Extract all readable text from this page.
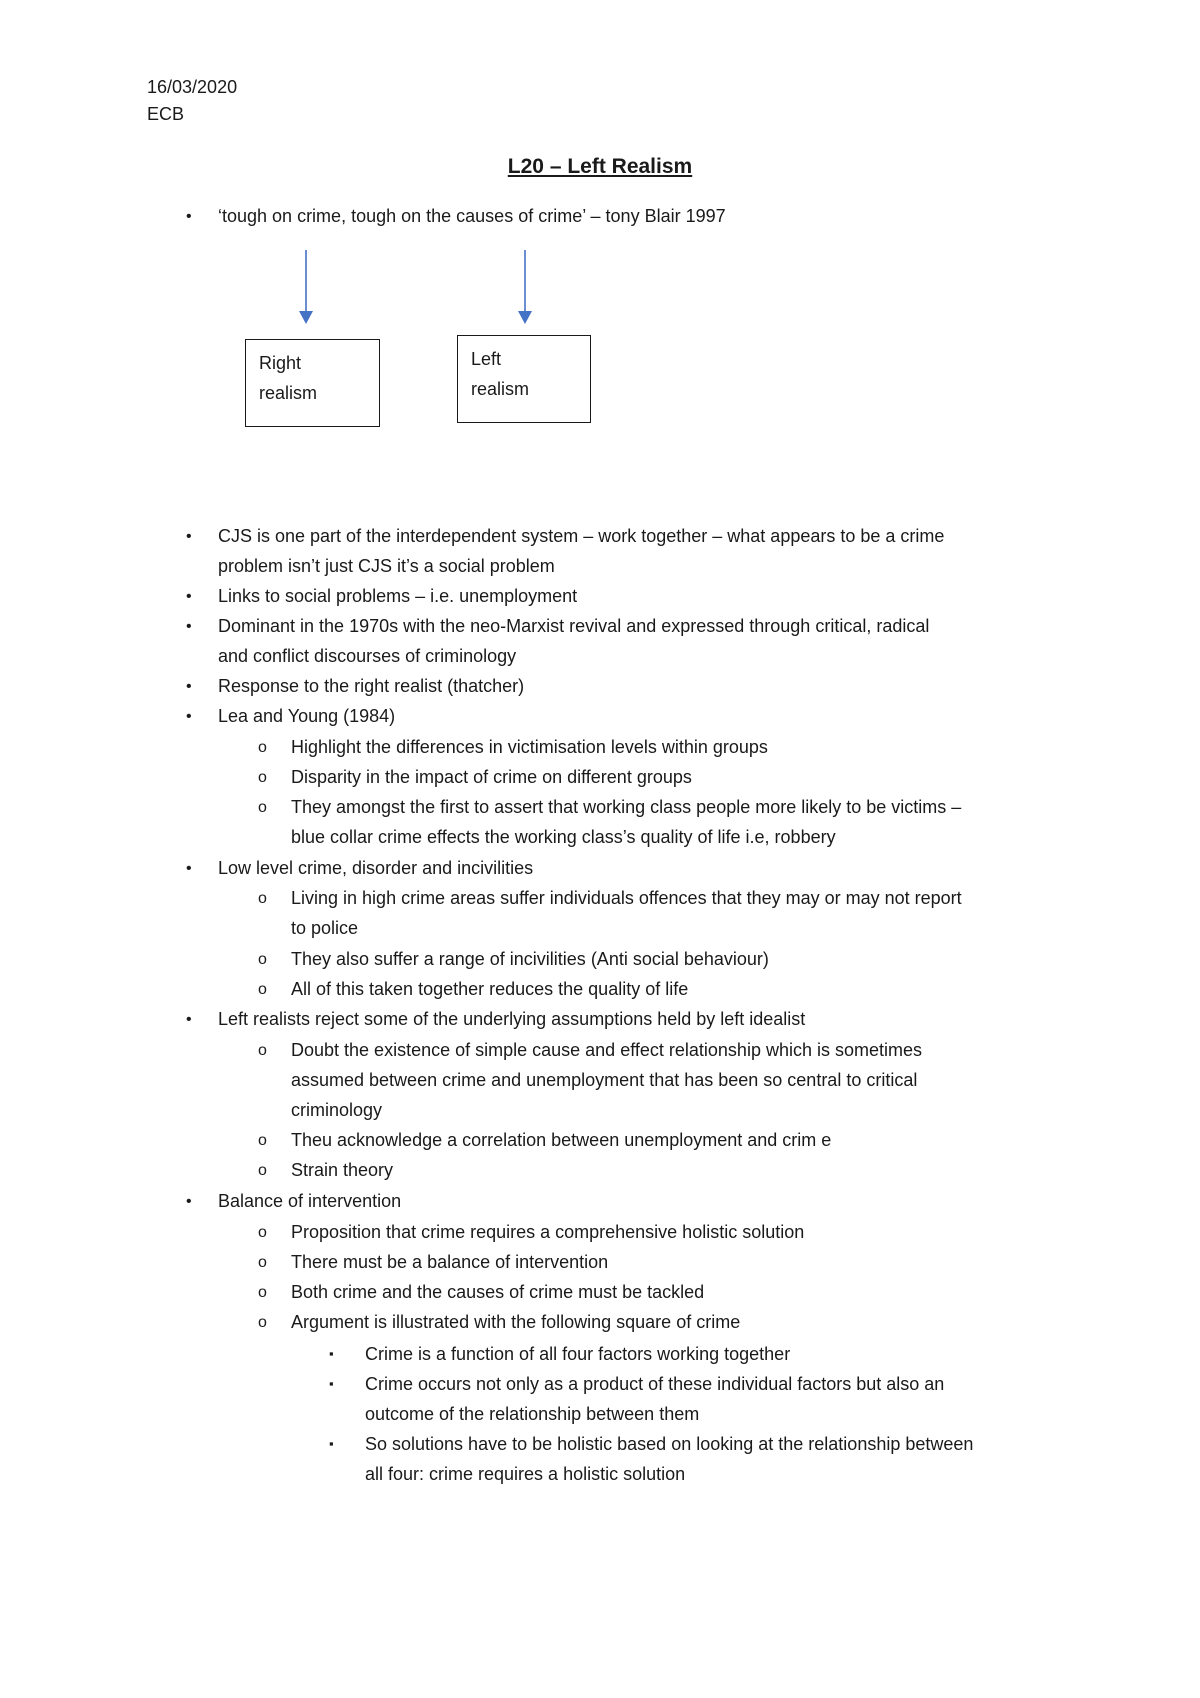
16/03/2020
ECB
L20 – Left Realism
• ‘tough on crime, tough on the causes of crime’ – tony Blair 1997
Right
realism
Left
realism
• CJS is one part of the interdependent system – work together – what appears to be a crime
problem isn’t just CJS it’s a social problem
• Links to social problems – i.e. unemployment
• Dominant in the 1970s with the neo-Marxist revival and expressed through critical, radical
and conflict discourses of criminology
• Response to the right realist (thatcher)
• Lea and Young (1984)
o Highlight the differences in victimisation levels within groups
o Disparity in the impact of crime on different groups
o They amongst the first to assert that working class people more likely to be victims –
blue collar crime effects the working class’s quality of life i.e, robbery
• Low level crime, disorder and incivilities
o Living in high crime areas suffer individuals offences that they may or may not report
to police
o They also suffer a range of incivilities (Anti social behaviour)
o All of this taken together reduces the quality of life
• Left realists reject some of the underlying assumptions held by left idealist
o Doubt the existence of simple cause and effect relationship which is sometimes
assumed between crime and unemployment that has been so central to critical
criminology
o Theu acknowledge a correlation between unemployment and crim e
o Strain theory
• Balance of intervention
o Proposition that crime requires a comprehensive holistic solution
o There must be a balance of intervention
o Both crime and the causes of crime must be tackled
o Argument is illustrated with the following square of crime
▪ Crime is a function of all four factors working together
▪ Crime occurs not only as a product of these individual factors but also an
outcome of the relationship between them
▪ So solutions have to be holistic based on looking at the relationship between
all four: crime requires a holistic solution
